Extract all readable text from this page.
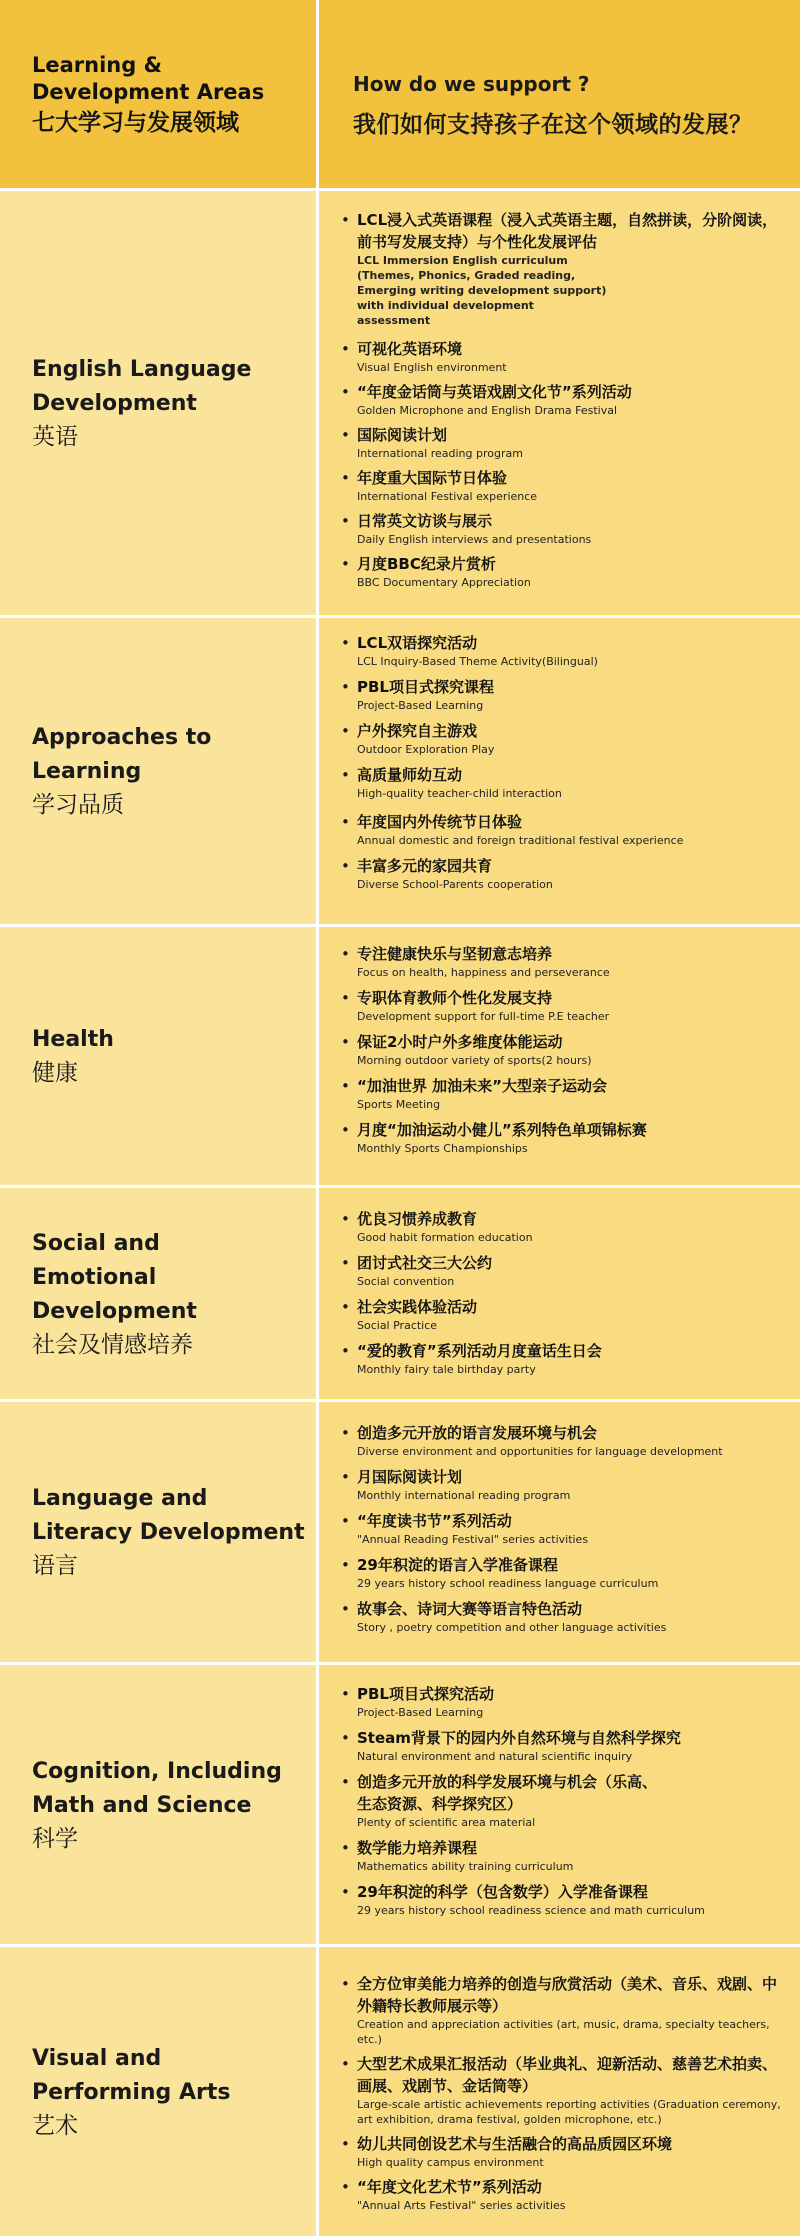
Learning &
Development Areas
七大学习与发展领域
How do we support ?
我们如何支持孩子在这个领域的发展？
English Language
Development
英语
• LCL浸入式英语课程（浸入式英语主题，自然拼读，分阶阅读，前书写发展支持）与个性化发展评估
LCL Immersion English curriculum (Themes, Phonics, Graded reading, Emerging writing development support) with individual development assessment
• 可视化英语环境
Visual English environment
• “年度金话筒与英语戏剧文化节”系列活动
Golden Microphone and English Drama Festival
• 国际阅读计划
International reading program
• 年度重大国际节日体验
International Festival experience
• 日常英文访谈与展示
Daily English interviews and presentations
• 月度BBC纪录片赏析
BBC Documentary Appreciation
Approaches to Learning
学习品质
• LCL双语探究活动
LCL Inquiry-Based Theme Activity(Bilingual)
• PBL项目式探究课程
Project-Based Learning
• 户外探究自主游戏
Outdoor Exploration Play
• 高质量师幼互动
High-quality teacher-child interaction
• 年度国内外传统节日体验
Annual domestic and foreign traditional festival experience
• 丰富多元的家园共育
Diverse School-Parents cooperation
Health
健康
• 专注健康快乐与坚韧意志培养
Focus on health, happiness and perseverance
• 专职体育教师个性化发展支持
Development support for full-time P.E teacher
• 保证2小时户外多维度体能运动
Morning outdoor variety of sports(2 hours)
• “加油世界 加油未来”大型亲子运动会
Sports Meeting
• 月度“加油运动小健儿”系列特色单项锦标赛
Monthly Sports Championships
Social and
Emotional
Development
社会及情感培养
• 优良习惯养成教育
Good habit formation education
• 团讨式社交三大公约
Social convention
• 社会实践体验活动
Social Practice
• “爱的教育”系列活动月度童话生日会
Monthly fairy tale birthday party
Language and
Literacy Development
语言
• 创造多元开放的语言发展环境与机会
Diverse environment and opportunities for language development
• 月国际阅读计划
Monthly international reading program
• “年度读书节”系列活动
"Annual Reading Festival" series activities
• 29年积淀的语言入学准备课程
29 years history school readiness language curriculum
• 故事会、诗词大赛等语言特色活动
Story , poetry competition and other language activities
Cognition, Including
Math and Science
科学
• PBL项目式探究活动
Project-Based Learning
• Steam背景下的园内外自然环境与自然科学探究
Natural environment and natural scientific inquiry
• 创造多元开放的科学发展环境与机会（乐高、生态资源、科学探究区）
Plenty of scientific area material
• 数学能力培养课程
Mathematics ability training curriculum
• 29年积淀的科学（包含数学）入学准备课程
29 years history school readiness science and math curriculum
Visual and
Performing Arts
艺术
• 全方位审美能力培养的创造与欣赏活动（美术、音乐、戏剧、中外籍特长教师展示等）
Creation and appreciation activities (art, music, drama, specialty teachers, etc.)
• 大型艺术成果汇报活动（毕业典礼、迎新活动、慈善艺术拍卖、画展、戏剧节、金话筒等）
Large-scale artistic achievements reporting activities (Graduation ceremony, art exhibition, drama festival, golden microphone, etc.)
• 幼儿共同创设艺术与生活融合的高品质园区环境
High quality campus environment
• “年度文化艺术节”系列活动
"Annual Arts Festival" series activities
